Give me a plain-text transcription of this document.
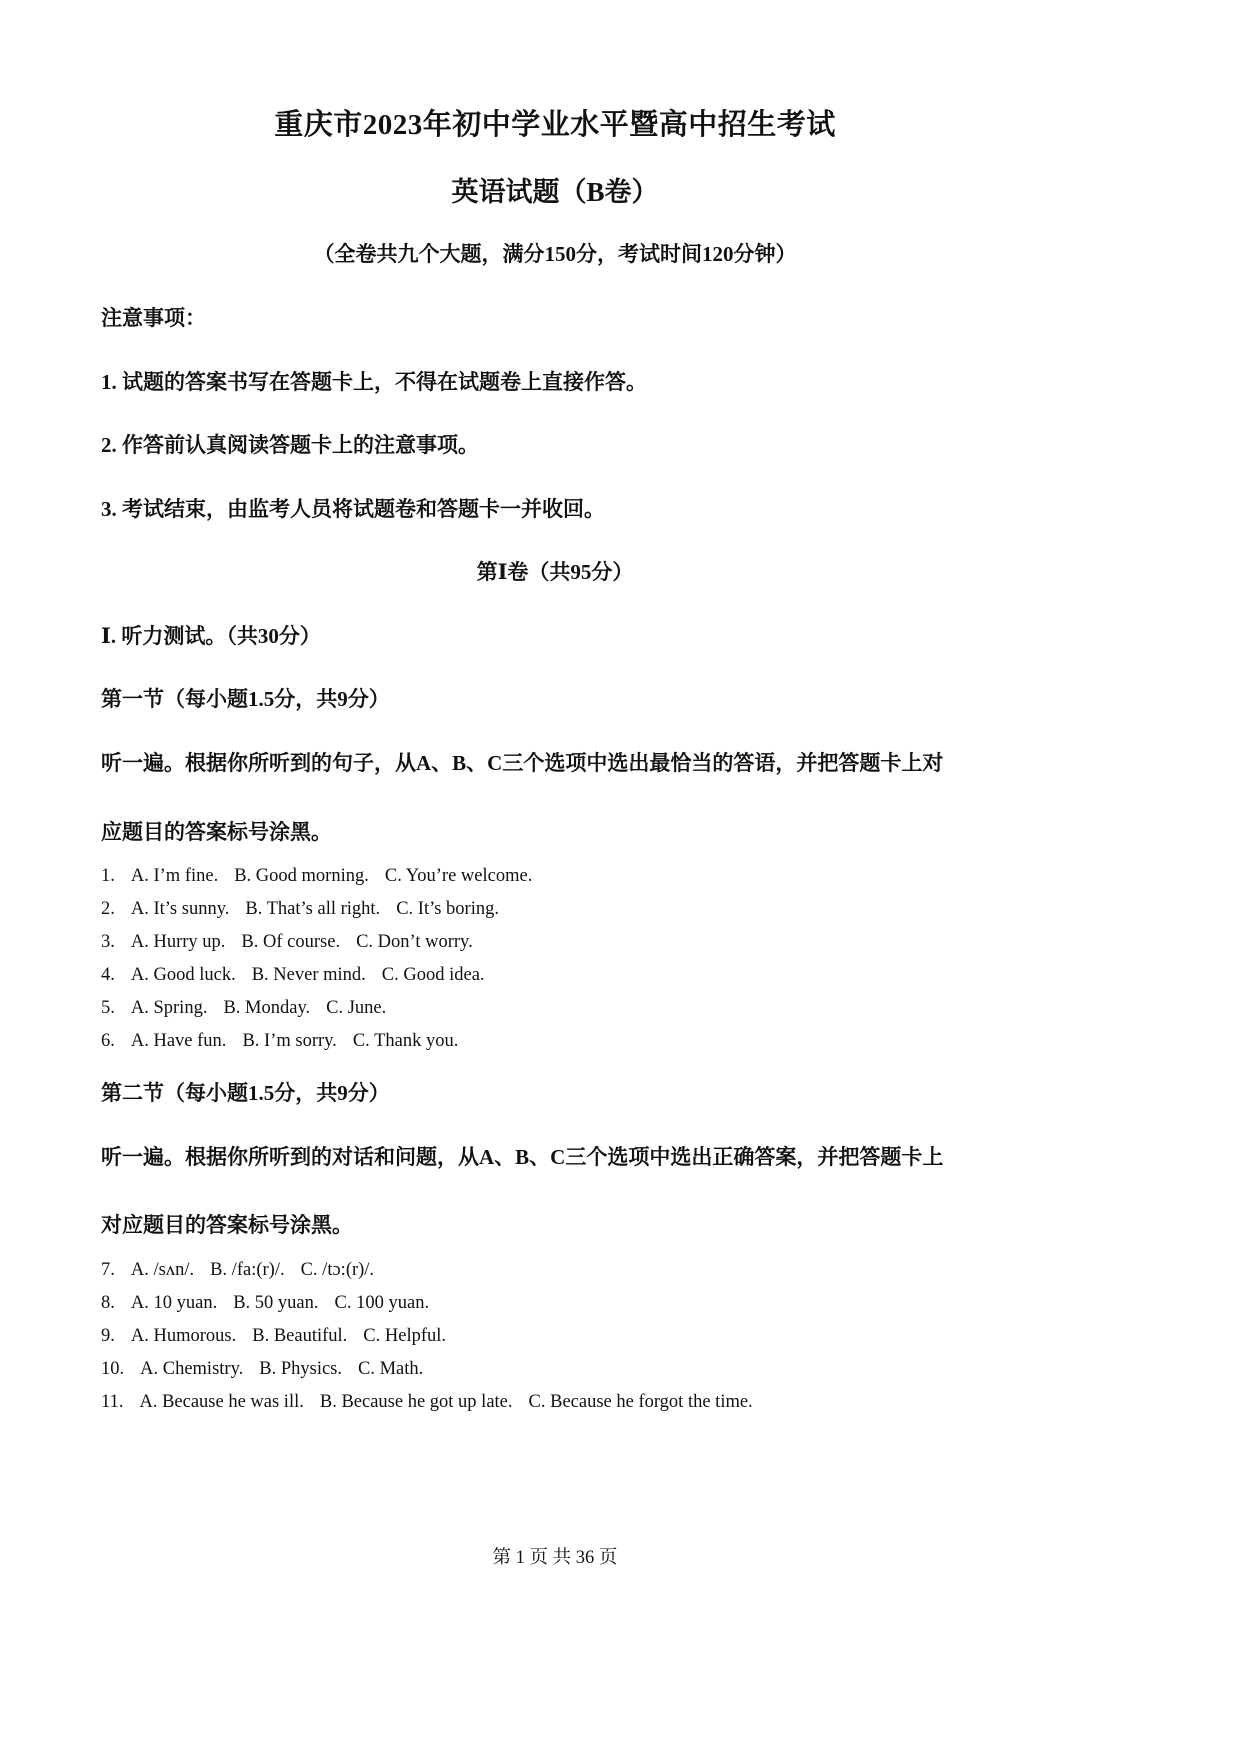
重庆市2023年初中学业水平暨高中招生考试
英语试题（B卷）
（全卷共九个大题，满分150分，考试时间120分钟）
注意事项：
1. 试题的答案书写在答题卡上，不得在试题卷上直接作答。
2. 作答前认真阅读答题卡上的注意事项。
3. 考试结束，由监考人员将试题卷和答题卡一并收回。
第Ⅰ卷（共95分）
Ⅰ. 听力测试。（共30分）
第一节（每小题1.5分，共9分）
听一遍。根据你所听到的句子，从A、B、C三个选项中选出最恰当的答语，并把答题卡上对
应题目的答案标号涂黑。
1. A. I’m fine. B. Good morning. C. You’re welcome.
2. A. It’s sunny. B. That’s all right. C. It’s boring.
3. A. Hurry up. B. Of course. C. Don’t worry.
4. A. Good luck. B. Never mind. C. Good idea.
5. A. Spring. B. Monday. C. June.
6. A. Have fun. B. I’m sorry. C. Thank you.
第二节（每小题1.5分，共9分）
听一遍。根据你所听到的对话和问题，从A、B、C三个选项中选出正确答案，并把答题卡上
对应题目的答案标号涂黑。
7. A. /sʌn/. B. /fa:(r)/. C. /tɔ:(r)/.
8. A. 10 yuan. B. 50 yuan. C. 100 yuan.
9. A. Humorous. B. Beautiful. C. Helpful.
10. A. Chemistry. B. Physics. C. Math.
11. A. Because he was ill. B. Because he got up late. C. Because he forgot the time.
第 1 页 共 36 页
